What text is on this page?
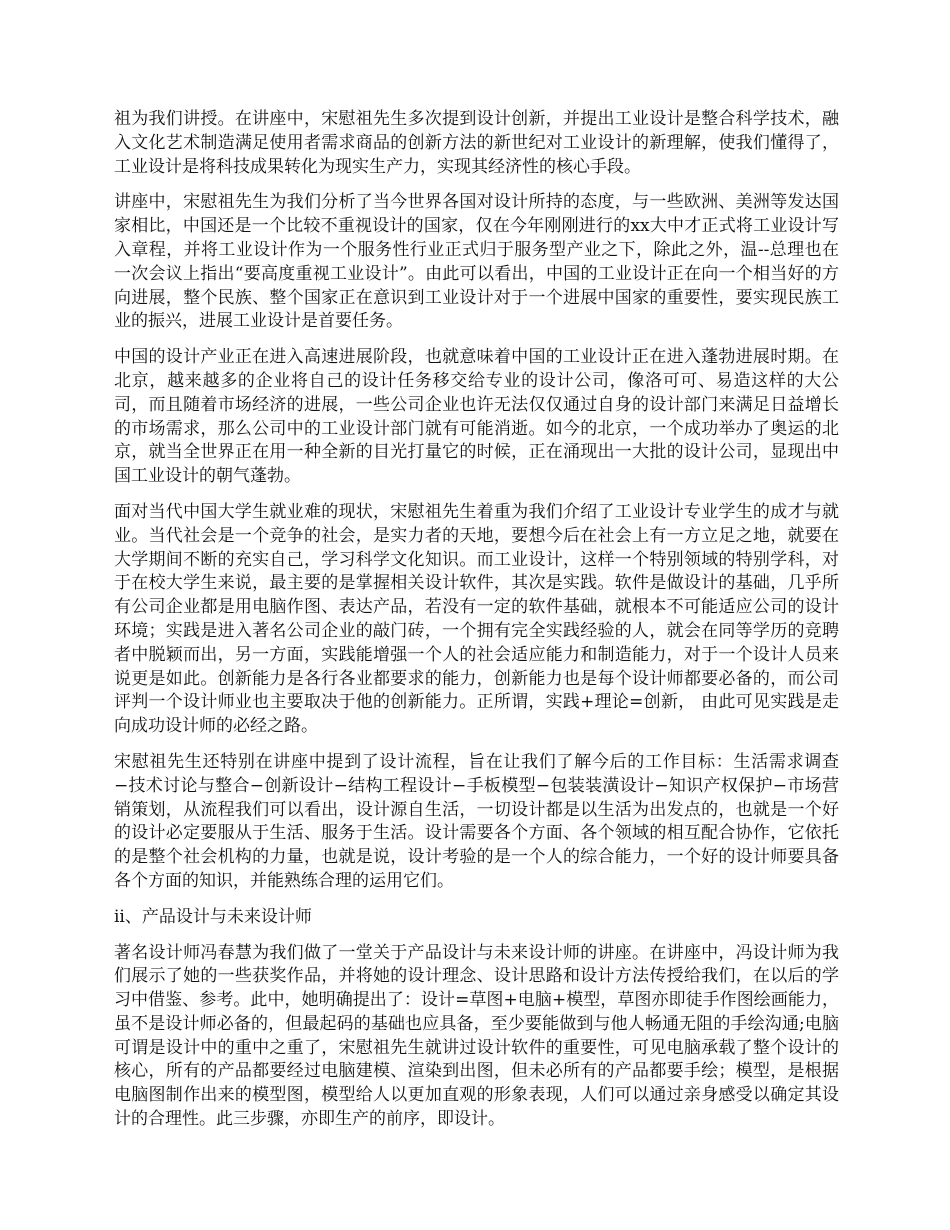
祖为我们讲授。在讲座中，宋慰祖先生多次提到设计创新，并提出工业设计是整合科学技术，融入文化艺术制造满足使用者需求商品的创新方法的新世纪对工业设计的新理解，使我们懂得了，工业设计是将科技成果转化为现实生产力，实现其经济性的核心手段。

讲座中，宋慰祖先生为我们分析了当今世界各国对设计所持的态度，与一些欧洲、美洲等发达国家相比，中国还是一个比较不重视设计的国家，仅在今年刚刚进行的xx大中才正式将工业设计写入章程，并将工业设计作为一个服务性行业正式归于服务型产业之下，除此之外，温--总理也在一次会议上指出“要高度重视工业设计”。由此可以看出，中国的工业设计正在向一个相当好的方向进展，整个民族、整个国家正在意识到工业设计对于一个进展中国家的重要性，要实现民族工业的振兴，进展工业设计是首要任务。

中国的设计产业正在进入高速进展阶段，也就意味着中国的工业设计正在进入蓬勃进展时期。在北京，越来越多的企业将自己的设计任务移交给专业的设计公司，像洛可可、易造这样的大公司，而且随着市场经济的进展，一些公司企业也许无法仅仅通过自身的设计部门来满足日益增长的市场需求，那么公司中的工业设计部门就有可能消逝。如今的北京，一个成功举办了奥运的北京，就当全世界正在用一种全新的目光打量它的时候，正在涌现出一大批的设计公司，显现出中国工业设计的朝气蓬勃。

面对当代中国大学生就业难的现状，宋慰祖先生着重为我们介绍了工业设计专业学生的成才与就业。当代社会是一个竞争的社会，是实力者的天地，要想今后在社会上有一方立足之地，就要在大学期间不断的充实自己，学习科学文化知识。而工业设计，这样一个特别领域的特别学科，对于在校大学生来说，最主要的是掌握相关设计软件，其次是实践。软件是做设计的基础，几乎所有公司企业都是用电脑作图、表达产品，若没有一定的软件基础，就根本不可能适应公司的设计环境；实践是进入著名公司企业的敲门砖，一个拥有完全实践经验的人，就会在同等学历的竞聘者中脱颖而出，另一方面，实践能增强一个人的社会适应能力和制造能力，对于一个设计人员来说更是如此。创新能力是各行各业都要求的能力，创新能力也是每个设计师都要必备的，而公司评判一个设计师业也主要取决于他的创新能力。正所谓，实践+理论=创新， 由此可见实践是走向成功设计师的必经之路。

宋慰祖先生还特别在讲座中提到了设计流程，旨在让我们了解今后的工作目标：生活需求调查−技术讨论与整合−创新设计−结构工程设计−手板模型−包装装潢设计−知识产权保护−市场营销策划，从流程我们可以看出，设计源自生活，一切设计都是以生活为出发点的，也就是一个好的设计必定要服从于生活、服务于生活。设计需要各个方面、各个领域的相互配合协作，它依托的是整个社会机构的力量，也就是说，设计考验的是一个人的综合能力，一个好的设计师要具备各个方面的知识，并能熟练合理的运用它们。

ii、产品设计与未来设计师

著名设计师冯春慧为我们做了一堂关于产品设计与未来设计师的讲座。在讲座中，冯设计师为我们展示了她的一些获奖作品，并将她的设计理念、设计思路和设计方法传授给我们，在以后的学习中借鉴、参考。此中，她明确提出了：设计=草图+电脑+模型，草图亦即徒手作图绘画能力，虽不是设计师必备的，但最起码的基础也应具备，至少要能做到与他人畅通无阻的手绘沟通;电脑可谓是设计中的重中之重了，宋慰祖先生就讲过设计软件的重要性，可见电脑承载了整个设计的核心，所有的产品都要经过电脑建模、渲染到出图，但未必所有的产品都要手绘；模型，是根据电脑图制作出来的模型图，模型给人以更加直观的形象表现，人们可以通过亲身感受以确定其设计的合理性。此三步骤，亦即生产的前序，即设计。
